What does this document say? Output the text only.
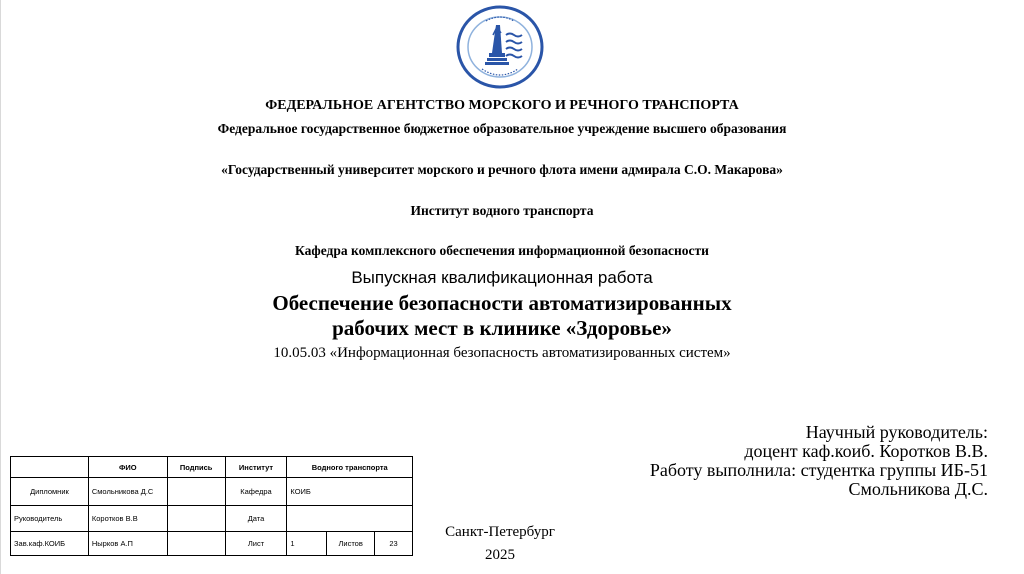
ФЕДЕРАЛЬНОЕ АГЕНТСТВО МОРСКОГО И РЕЧНОГО ТРАНСПОРТА
Федеральное государственное бюджетное образовательное учреждение высшего образования
«Государственный университет морского и речного флота имени адмирала С.О. Макарова»
Институт водного транспорта
Кафедра комплексного обеспечения информационной безопасности
Выпускная квалификационная работа
Обеспечение безопасности автоматизированных
рабочих мест в клинике «Здоровье»
10.05.03 «Информационная безопасность автоматизированных систем»
Научный руководитель:
доцент каф.коиб. Коротков В.В.
Работу выполнила: студентка группы ИБ-51
Смольникова Д.С.
	ФИО	Подпись	Институт	Водного транспорта		
Дипломник	Смольникова Д.С		Кафедра	КОИБ		
Руководитель	Коротков В.В		Дата			
Зав.каф.КОИБ	Нырков А.П		Лист	1	Листов	23
Санкт-Петербург
2025
